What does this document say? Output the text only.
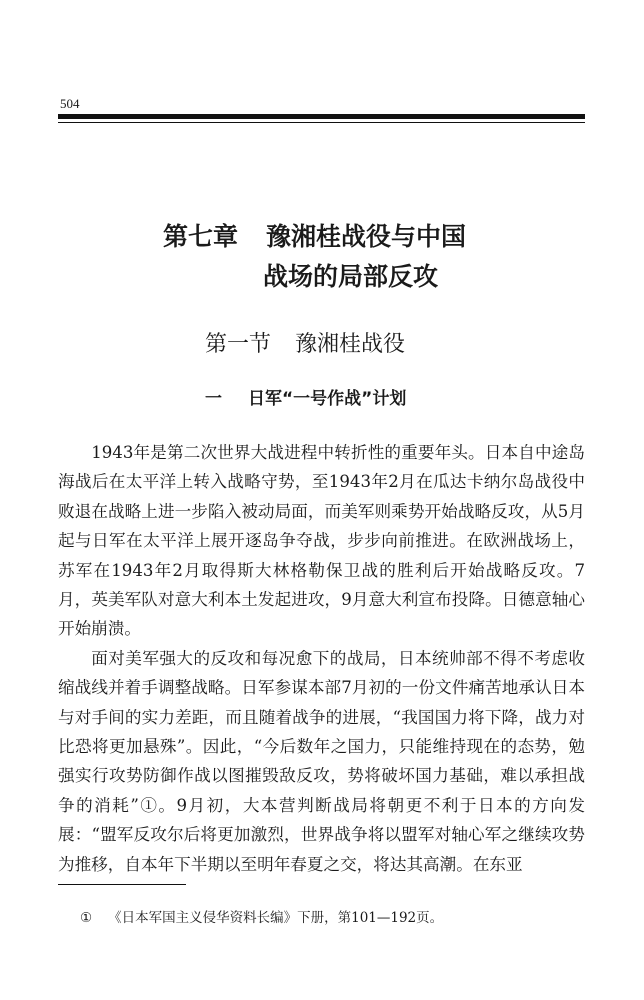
504
第七章 豫湘桂战役与中国
战场的局部反攻
第一节 豫湘桂战役
一 日军“一号作战”计划

1943年是第二次世界大战进程中转折性的重要年头。日本自中途岛海战后在太平洋上转入战略守势，至1943年2月在瓜达卡纳尔岛战役中败退在战略上进一步陷入被动局面，而美军则乘势开始战略反攻，从5月起与日军在太平洋上展开逐岛争夺战，步步向前推进。在欧洲战场上，苏军在1943年2月取得斯大林格勒保卫战的胜利后开始战略反攻。7月，英美军队对意大利本土发起进攻，9月意大利宣布投降。日德意轴心开始崩溃。

面对美军强大的反攻和每况愈下的战局，日本统帅部不得不考虑收缩战线并着手调整战略。日军参谋本部7月初的一份文件痛苦地承认日本与对手间的实力差距，而且随着战争的进展，“我国国力将下降，战力对比恐将更加悬殊”。因此，“今后数年之国力，只能维持现在的态势，勉强实行攻势防御作战以图摧毁敌反攻，势将破坏国力基础，难以承担战争的消耗”①。9月初，大本营判断战局将朝更不利于日本的方向发展：“盟军反攻尔后将更加激烈，世界战争将以盟军对轴心军之继续攻势为推移，自本年下半期以至明年春夏之交，将达其高潮。在东亚

① 《日本军国主义侵华资料长编》下册，第101—192页。
